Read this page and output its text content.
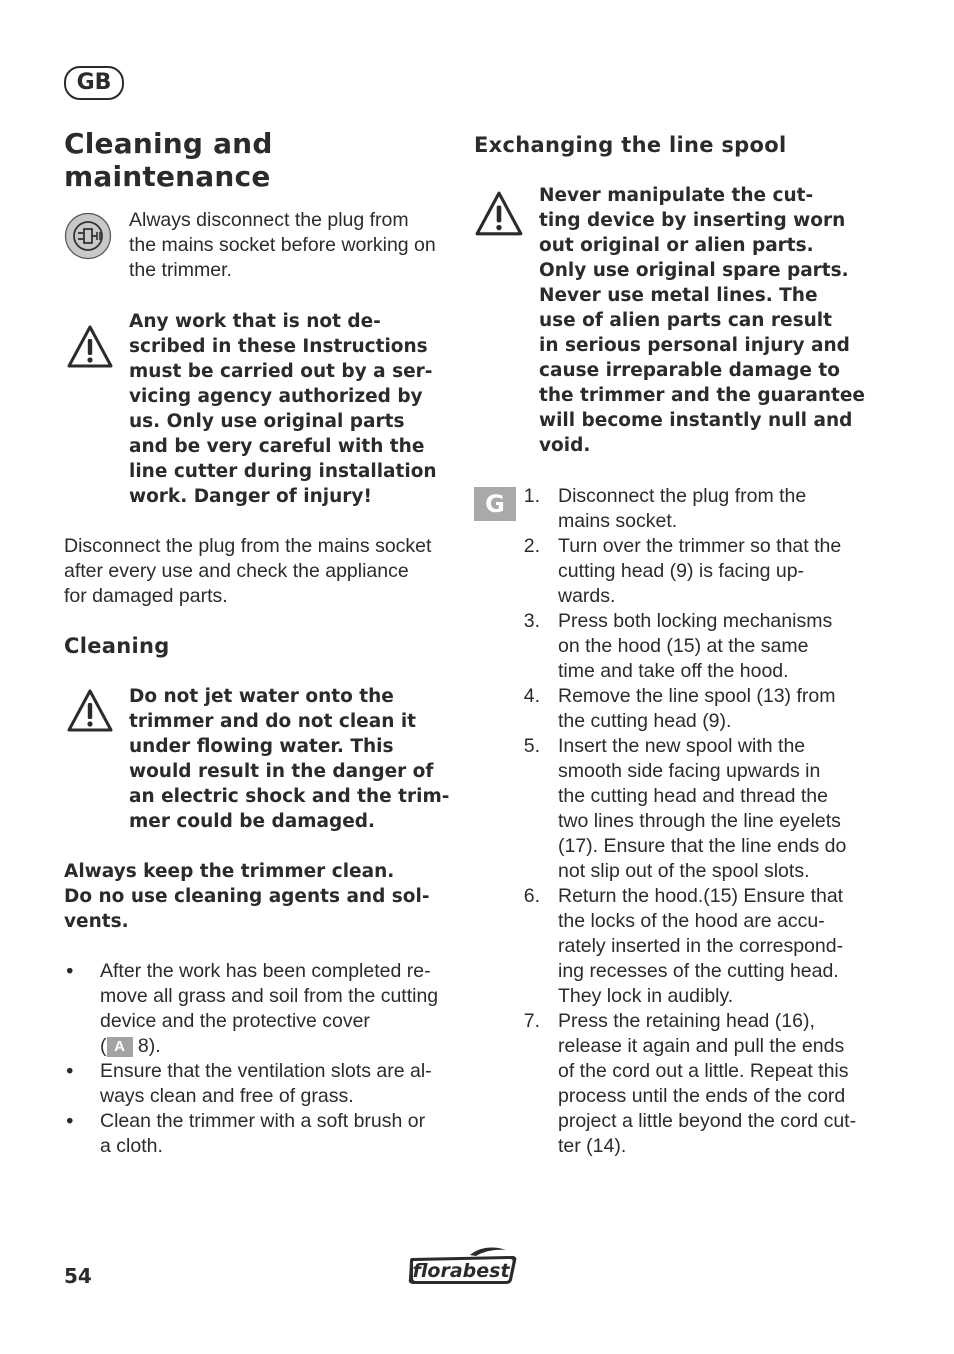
GB
Cleaning and
maintenance
Always disconnect the plug from
the mains socket before working on
the trimmer.
Any work that is not de-
scribed in these Instructions
must be carried out by a ser-
vicing agency authorized by
us. Only use original parts
and be very careful with the
line cutter during installation
work. Danger of injury!
Disconnect the plug from the mains socket
after every use and check the appliance
for damaged parts.
Cleaning
Do not jet water onto the
trimmer and do not clean it
under flowing water. This
would result in the danger of
an electric shock and the trim-
mer could be damaged.
Always keep the trimmer clean.
Do no use cleaning agents and sol-
vents.
• After the work has been completed re-
move all grass and soil from the cutting
device and the protective cover
( A 8).
• Ensure that the ventilation slots are al-
ways clean and free of grass.
• Clean the trimmer with a soft brush or
a cloth.
Exchanging the line spool
Never manipulate the cut-
ting device by inserting worn
out original or alien parts.
Only use original spare parts.
Never use metal lines. The
use of alien parts can result
in serious personal injury and
cause irreparable damage to
the trimmer and the guarantee
will become instantly null and
void.
G 1. Disconnect the plug from the
mains socket.
2. Turn over the trimmer so that the
cutting head (9) is facing up-
wards.
3. Press both locking mechanisms
on the hood (15) at the same
time and take off the hood.
4. Remove the line spool (13) from
the cutting head (9).
5. Insert the new spool with the
smooth side facing upwards in
the cutting head and thread the
two lines through the line eyelets
(17). Ensure that the line ends do
not slip out of the spool slots.
6. Return the hood.(15) Ensure that
the locks of the hood are accu-
rately inserted in the correspond-
ing recesses of the cutting head.
They lock in audibly.
7. Press the retaining head (16),
release it again and pull the ends
of the cord out a little. Repeat this
process until the ends of the cord
project a little beyond the cord cut-
ter (14).
54	florabest
